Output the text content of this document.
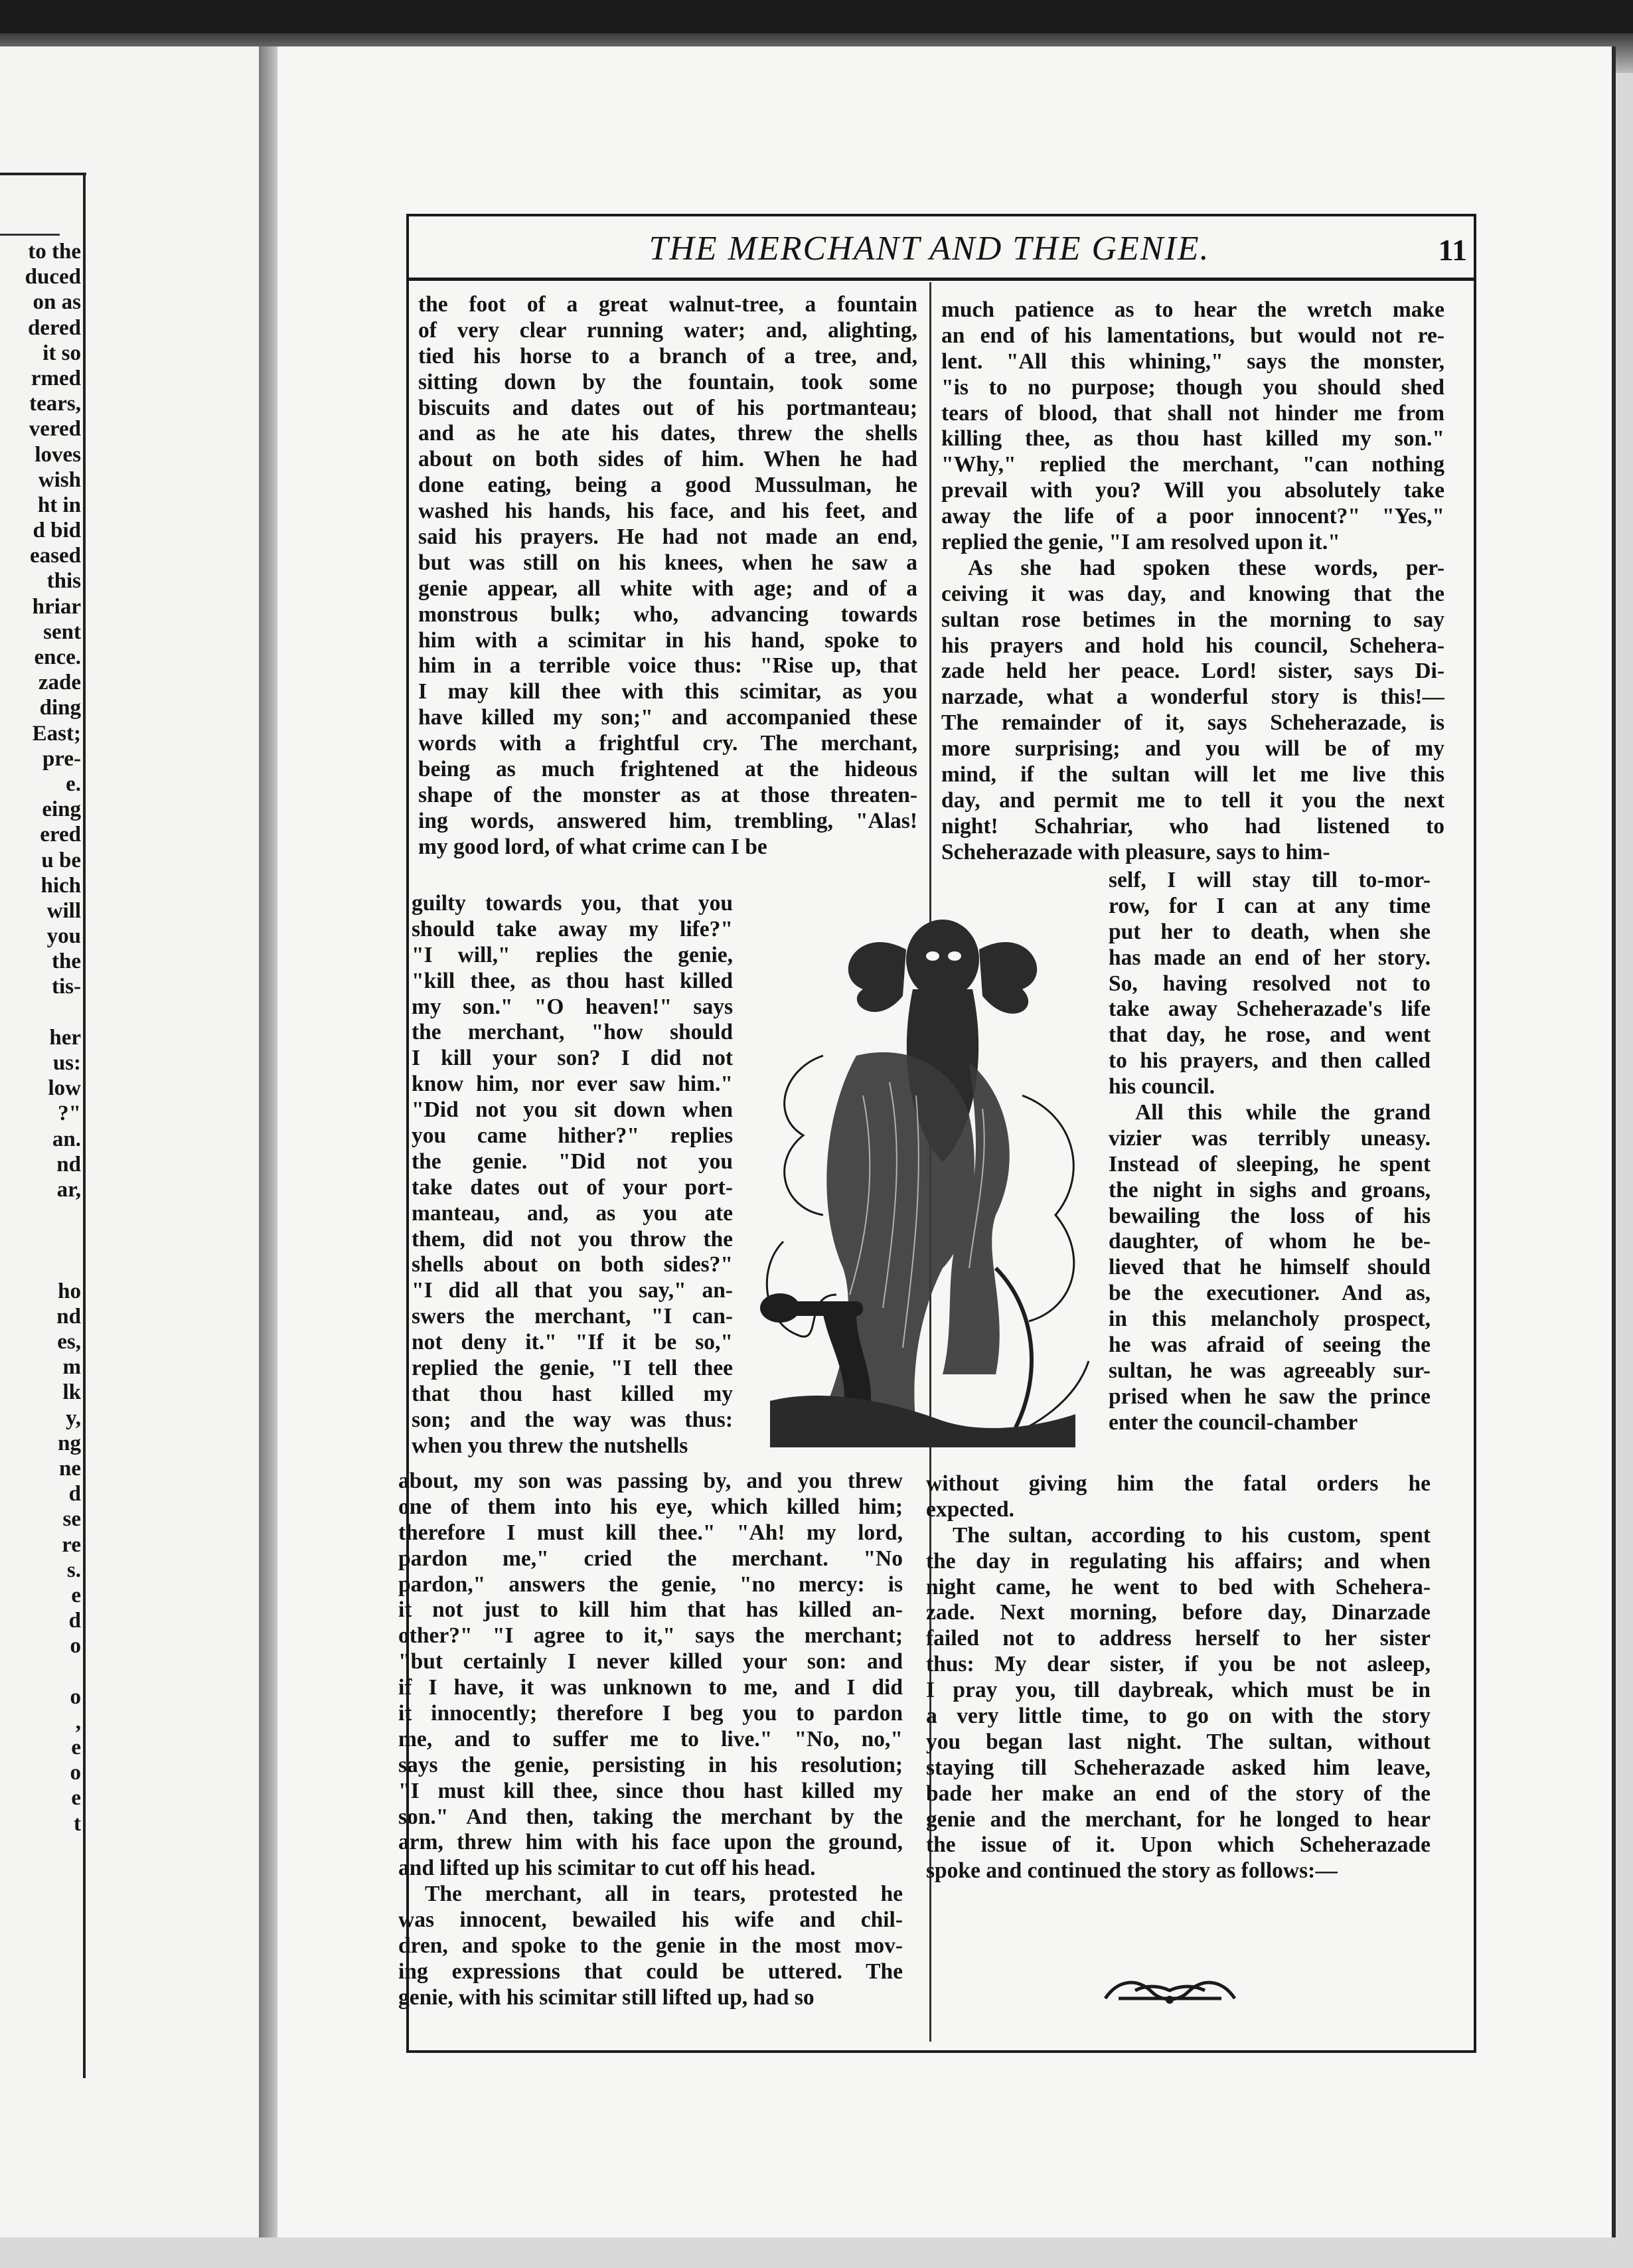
to the
duced
on as
dered
it so
rmed
tears,
vered
loves
wish
ht in
d bid
eased
this
hriar
sent
ence.
zade
ding
East;
pre-
e.
eing
ered
u be
hich
will
you
the
tis-
her
us:
low
?"
an.
nd
ar,
ho
nd
es,
m
lk
y,
ng
ne
d
se
re
s.
e
d
o
o
,
e
o
e
t
THE MERCHANT AND THE GENIE.	11
the foot of a great walnut-tree, a fountain
of very clear running water; and, alighting,
tied his horse to a branch of a tree, and,
sitting down by the fountain, took some
biscuits and dates out of his portmanteau;
and as he ate his dates, threw the shells
about on both sides of him. When he had
done eating, being a good Mussulman, he
washed his hands, his face, and his feet, and
said his prayers. He had not made an end,
but was still on his knees, when he saw a
genie appear, all white with age; and of a
monstrous bulk; who, advancing towards
him with a scimitar in his hand, spoke to
him in a terrible voice thus: "Rise up, that
I may kill thee with this scimitar, as you
have killed my son;" and accompanied these
words with a frightful cry. The merchant,
being as much frightened at the hideous
shape of the monster as at those threaten-
ing words, answered him, trembling, "Alas!
my good lord, of what crime can I be
guilty towards you, that you
should take away my life?"
"I will," replies the genie,
"kill thee, as thou hast killed
my son." "O heaven!" says
the merchant, "how should
I kill your son? I did not
know him, nor ever saw him."
"Did not you sit down when
you came hither?" replies
the genie. "Did not you
take dates out of your port-
manteau, and, as you ate
them, did not you throw the
shells about on both sides?"
"I did all that you say," an-
swers the merchant, "I can-
not deny it." "If it be so,"
replied the genie, "I tell thee
that thou hast killed my
son; and the way was thus:
when you threw the nutshells
about, my son was passing by, and you threw
one of them into his eye, which killed him;
therefore I must kill thee." "Ah! my lord,
pardon me," cried the merchant. "No
pardon," answers the genie, "no mercy: is
it not just to kill him that has killed an-
other?" "I agree to it," says the merchant;
"but certainly I never killed your son: and
if I have, it was unknown to me, and I did
it innocently; therefore I beg you to pardon
me, and to suffer me to live." "No, no,"
says the genie, persisting in his resolution;
"I must kill thee, since thou hast killed my
son." And then, taking the merchant by the
arm, threw him with his face upon the ground,
and lifted up his scimitar to cut off his head.
The merchant, all in tears, protested he
was innocent, bewailed his wife and chil-
dren, and spoke to the genie in the most mov-
ing expressions that could be uttered. The
genie, with his scimitar still lifted up, had so
much patience as to hear the wretch make
an end of his lamentations, but would not re-
lent. "All this whining," says the monster,
"is to no purpose; though you should shed
tears of blood, that shall not hinder me from
killing thee, as thou hast killed my son."
"Why," replied the merchant, "can nothing
prevail with you? Will you absolutely take
away the life of a poor innocent?" "Yes,"
replied the genie, "I am resolved upon it."
As she had spoken these words, per-
ceiving it was day, and knowing that the
sultan rose betimes in the morning to say
his prayers and hold his council, Schehera-
zade held her peace. Lord! sister, says Di-
narzade, what a wonderful story is this!—
The remainder of it, says Scheherazade, is
more surprising; and you will be of my
mind, if the sultan will let me live this
day, and permit me to tell it you the next
night! Schahriar, who had listened to
Scheherazade with pleasure, says to him-
self, I will stay till to-mor-
row, for I can at any time
put her to death, when she
has made an end of her story.
So, having resolved not to
take away Scheherazade's life
that day, he rose, and went
to his prayers, and then called
his council.
All this while the grand
vizier was terribly uneasy.
Instead of sleeping, he spent
the night in sighs and groans,
bewailing the loss of his
daughter, of whom he be-
lieved that he himself should
be the executioner. And as,
in this melancholy prospect,
he was afraid of seeing the
sultan, he was agreeably sur-
prised when he saw the prince
enter the council-chamber
without giving him the fatal orders he
expected.
The sultan, according to his custom, spent
the day in regulating his affairs; and when
night came, he went to bed with Schehera-
zade. Next morning, before day, Dinarzade
failed not to address herself to her sister
thus: My dear sister, if you be not asleep,
I pray you, till daybreak, which must be in
a very little time, to go on with the story
you began last night. The sultan, without
staying till Scheherazade asked him leave,
bade her make an end of the story of the
genie and the merchant, for he longed to hear
the issue of it. Upon which Scheherazade
spoke and continued the story as follows:—
